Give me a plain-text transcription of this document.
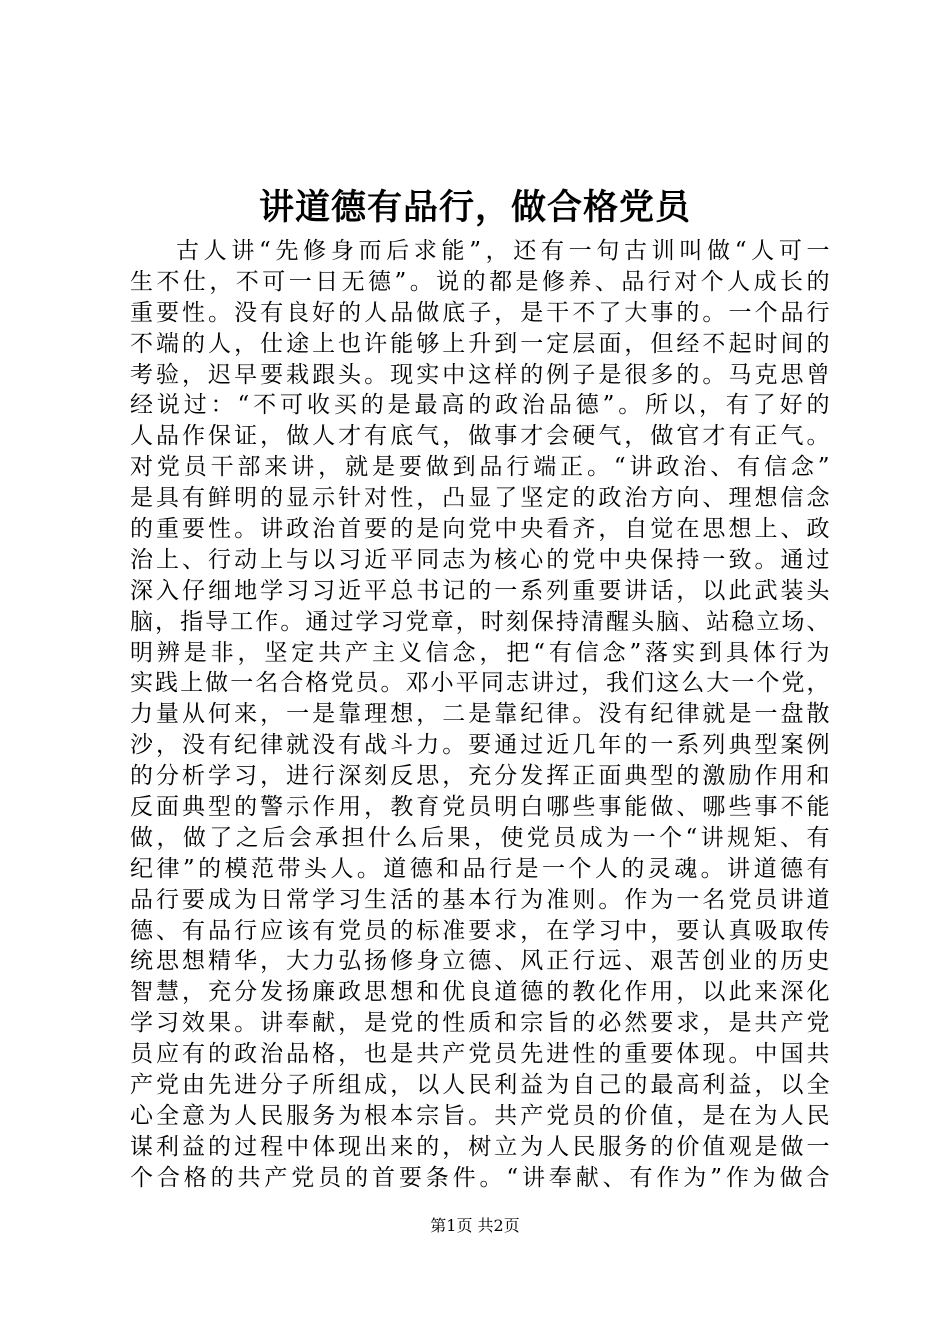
讲道德有品行，做合格党员
古人讲“先修身而后求能”，还有一句古训叫做“人可一
生不仕，不可一日无德”。说的都是修养、品行对个人成长的
重要性。没有良好的人品做底子，是干不了大事的。一个品行
不端的人，仕途上也许能够上升到一定层面，但经不起时间的
考验，迟早要栽跟头。现实中这样的例子是很多的。马克思曾
经说过：“不可收买的是最高的政治品德”。所以，有了好的
人品作保证，做人才有底气，做事才会硬气，做官才有正气。
对党员干部来讲，就是要做到品行端正。“讲政治、有信念”
是具有鲜明的显示针对性，凸显了坚定的政治方向、理想信念
的重要性。讲政治首要的是向党中央看齐，自觉在思想上、政
治上、行动上与以习近平同志为核心的党中央保持一致。通过
深入仔细地学习习近平总书记的一系列重要讲话，以此武装头
脑，指导工作。通过学习党章，时刻保持清醒头脑、站稳立场、
明辨是非，坚定共产主义信念，把“有信念”落实到具体行为
实践上做一名合格党员。邓小平同志讲过，我们这么大一个党，
力量从何来，一是靠理想，二是靠纪律。没有纪律就是一盘散
沙，没有纪律就没有战斗力。要通过近几年的一系列典型案例
的分析学习，进行深刻反思，充分发挥正面典型的激励作用和
反面典型的警示作用，教育党员明白哪些事能做、哪些事不能
做，做了之后会承担什么后果，使党员成为一个“讲规矩、有
纪律”的模范带头人。道德和品行是一个人的灵魂。讲道德有
品行要成为日常学习生活的基本行为准则。作为一名党员讲道
德、有品行应该有党员的标准要求，在学习中，要认真吸取传
统思想精华，大力弘扬修身立德、风正行远、艰苦创业的历史
智慧，充分发扬廉政思想和优良道德的教化作用，以此来深化
学习效果。讲奉献，是党的性质和宗旨的必然要求，是共产党
员应有的政治品格，也是共产党员先进性的重要体现。中国共
产党由先进分子所组成，以人民利益为自己的最高利益，以全
心全意为人民服务为根本宗旨。共产党员的价值，是在为人民
谋利益的过程中体现出来的，树立为人民服务的价值观是做一
个合格的共产党员的首要条件。“讲奉献、有作为”作为做合
第1页 共2页
